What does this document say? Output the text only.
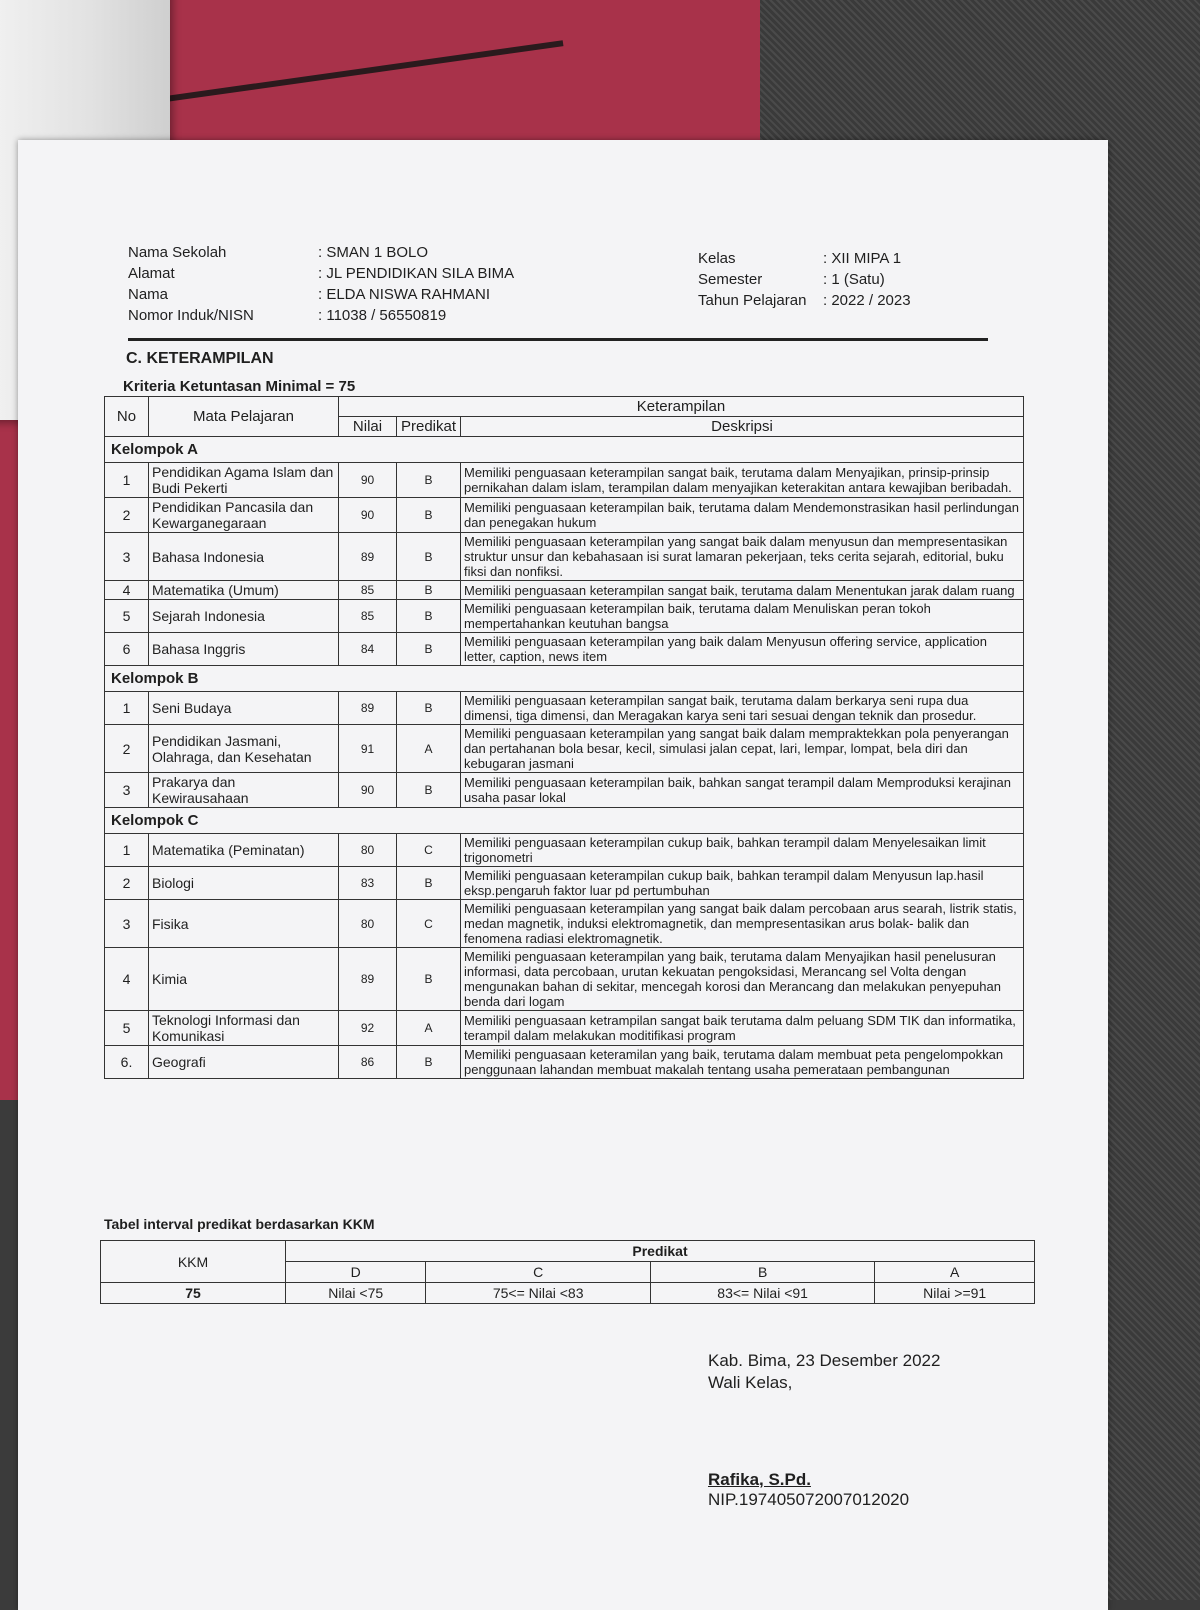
Nama Sekolah	: SMAN 1 BOLO
Alamat	: JL PENDIDIKAN SILA BIMA
Nama	: ELDA NISWA RAHMANI
Nomor Induk/NISN	: 11038 / 56550819
Kelas	: XII MIPA 1
Semester	: 1 (Satu)
Tahun Pelajaran	: 2022 / 2023
C. KETERAMPILAN
Kriteria Ketuntasan Minimal = 75
No	Mata Pelajaran	Keterampilan		
		Nilai	Predikat	Deskripsi
Kelompok A				
1	Pendidikan Agama Islam dan Budi Pekerti	90	B	Memiliki penguasaan keterampilan sangat baik, terutama dalam Menyajikan, prinsip-prinsip pernikahan dalam islam, terampilan dalam menyajikan keterakitan antara kewajiban beribadah.
2	Pendidikan Pancasila dan Kewarganegaraan	90	B	Memiliki penguasaan keterampilan baik, terutama dalam Mendemonstrasikan hasil perlindungan dan penegakan hukum
3	Bahasa Indonesia	89	B	Memiliki penguasaan keterampilan yang sangat baik dalam menyusun dan mempresentasikan struktur unsur dan kebahasaan isi surat lamaran pekerjaan, teks cerita sejarah, editorial, buku fiksi dan nonfiksi.
4	Matematika (Umum)	85	B	Memiliki penguasaan keterampilan sangat baik, terutama dalam Menentukan jarak dalam ruang
5	Sejarah Indonesia	85	B	Memiliki penguasaan keterampilan baik, terutama dalam Menuliskan peran tokoh mempertahankan keutuhan bangsa
6	Bahasa Inggris	84	B	Memiliki penguasaan keterampilan yang baik dalam Menyusun offering service, application letter, caption, news item
Kelompok B				
1	Seni Budaya	89	B	Memiliki penguasaan keterampilan sangat baik, terutama dalam berkarya seni rupa dua dimensi, tiga dimensi, dan Meragakan karya seni tari sesuai dengan teknik dan prosedur.
2	Pendidikan Jasmani, Olahraga, dan Kesehatan	91	A	Memiliki penguasaan keterampilan yang sangat baik dalam mempraktekkan pola penyerangan dan pertahanan bola besar, kecil, simulasi jalan cepat, lari, lempar, lompat, bela diri dan kebugaran jasmani
3	Prakarya dan Kewirausahaan	90	B	Memiliki penguasaan keterampilan baik, bahkan sangat terampil dalam Memproduksi kerajinan usaha pasar lokal
Kelompok C				
1	Matematika (Peminatan)	80	C	Memiliki penguasaan keterampilan cukup baik, bahkan terampil dalam Menyelesaikan limit trigonometri
2	Biologi	83	B	Memiliki penguasaan keterampilan cukup baik, bahkan terampil dalam Menyusun lap.hasil eksp.pengaruh faktor luar pd pertumbuhan
3	Fisika	80	C	Memiliki penguasaan keterampilan yang sangat baik dalam percobaan arus searah, listrik statis, medan magnetik, induksi elektromagnetik, dan mempresentasikan arus bolak- balik dan fenomena radiasi elektromagnetik.
4	Kimia	89	B	Memiliki penguasaan keterampilan yang baik, terutama dalam Menyajikan hasil penelusuran informasi, data percobaan, urutan kekuatan pengoksidasi, Merancang sel Volta dengan mengunakan bahan di sekitar, mencegah korosi dan Merancang dan melakukan penyepuhan benda dari logam
5	Teknologi Informasi dan Komunikasi	92	A	Memiliki penguasaan ketrampilan sangat baik terutama dalm peluang SDM TIK dan informatika, terampil dalam melakukan moditifikasi program
6.	Geografi	86	B	Memiliki penguasaan keteramilan yang baik, terutama dalam membuat peta pengelompokkan penggunaan lahandan membuat makalah tentang usaha pemerataan pembangunan
Tabel interval predikat berdasarkan KKM
KKM	Predikat			
	D	C	B	A
75	Nilai <75	75<= Nilai <83	83<= Nilai <91	Nilai >=91
Kab. Bima, 23 Desember 2022
Wali Kelas,
Rafika, S.Pd.
NIP.197405072007012020
